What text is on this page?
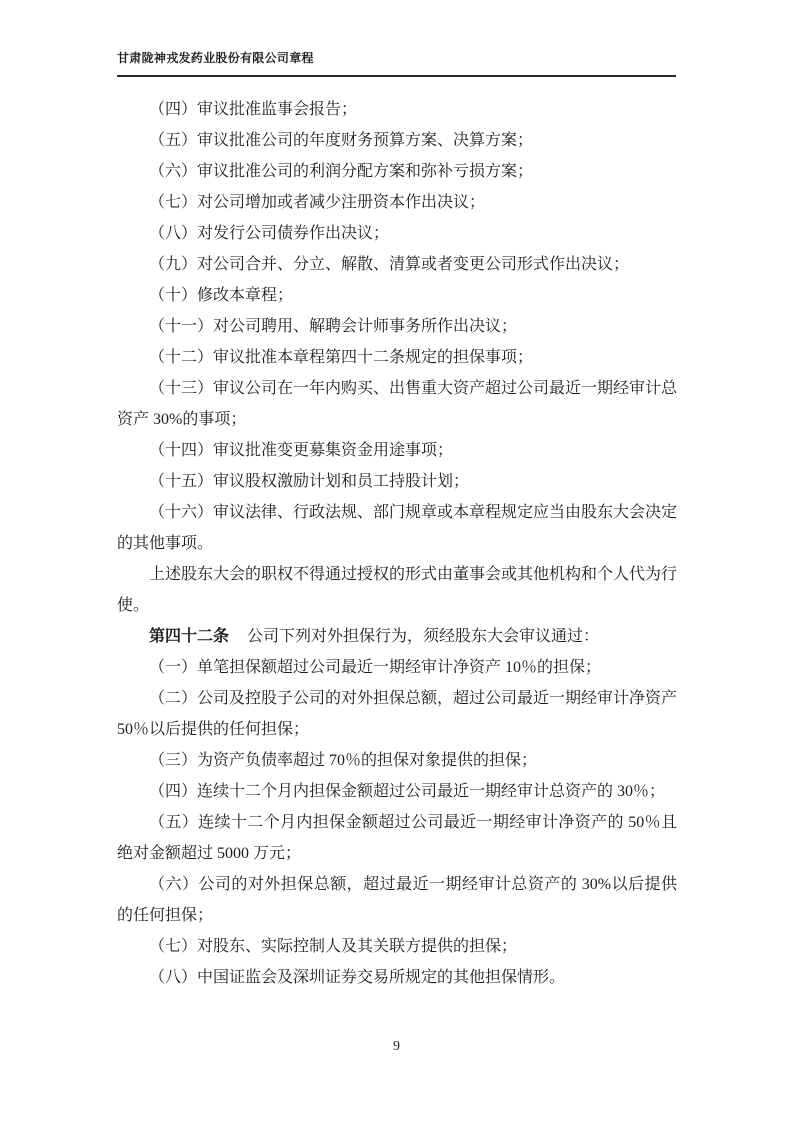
甘肃陇神戎发药业股份有限公司章程

（四）审议批准监事会报告；

（五）审议批准公司的年度财务预算方案、决算方案；

（六）审议批准公司的利润分配方案和弥补亏损方案；

（七）对公司增加或者减少注册资本作出决议；

（八）对发行公司债券作出决议；

（九）对公司合并、分立、解散、清算或者变更公司形式作出决议；

（十）修改本章程；

（十一）对公司聘用、解聘会计师事务所作出决议；

（十二）审议批准本章程第四十二条规定的担保事项；

（十三）审议公司在一年内购买、出售重大资产超过公司最近一期经审计总资产 30%的事项；

（十四）审议批准变更募集资金用途事项；

（十五）审议股权激励计划和员工持股计划；

（十六）审议法律、行政法规、部门规章或本章程规定应当由股东大会决定的其他事项。

上述股东大会的职权不得通过授权的形式由董事会或其他机构和个人代为行使。

第四十二条 公司下列对外担保行为，须经股东大会审议通过：

（一）单笔担保额超过公司最近一期经审计净资产 10％的担保；

（二）公司及控股子公司的对外担保总额，超过公司最近一期经审计净资产 50％以后提供的任何担保；

（三）为资产负债率超过 70％的担保对象提供的担保；

（四）连续十二个月内担保金额超过公司最近一期经审计总资产的 30％；

（五）连续十二个月内担保金额超过公司最近一期经审计净资产的 50％且绝对金额超过 5000 万元；

（六）公司的对外担保总额，超过最近一期经审计总资产的 30%以后提供的任何担保；

（七）对股东、实际控制人及其关联方提供的担保；

（八）中国证监会及深圳证券交易所规定的其他担保情形。

9
